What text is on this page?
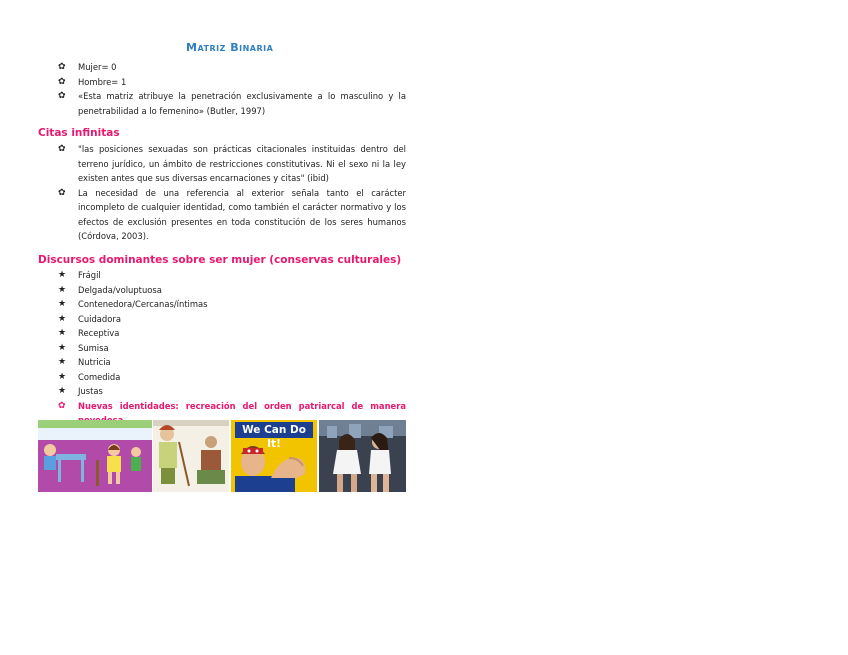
Matriz Binaria
✿ Mujer= 0
✿ Hombre= 1
✿ «Esta matriz atribuye la penetración exclusivamente a lo masculino y la penetrabilidad a lo femenino» (Butler, 1997)
Citas infinitas
✿ "las posiciones sexuadas son prácticas citacionales instituidas dentro del terreno jurídico, un ámbito de restricciones constitutivas. Ni el sexo ni la ley existen antes que sus diversas encarnaciones y citas" (ibid)
✿ La necesidad de una referencia al exterior señala tanto el carácter incompleto de cualquier identidad, como también el carácter normativo y los efectos de exclusión presentes en toda constitución de los seres humanos (Córdova, 2003).
Discursos dominantes sobre ser mujer (conservas culturales)
★ Frágil
★ Delgada/voluptuosa
★ Contenedora/Cercanas/íntimas
★ Cuidadora
★ Receptiva
★ Sumisa
★ Nutricia
★ Comedida
★ Justas
✿ Nuevas identidades: recreación del orden patriarcal de manera
We Can Do It!
